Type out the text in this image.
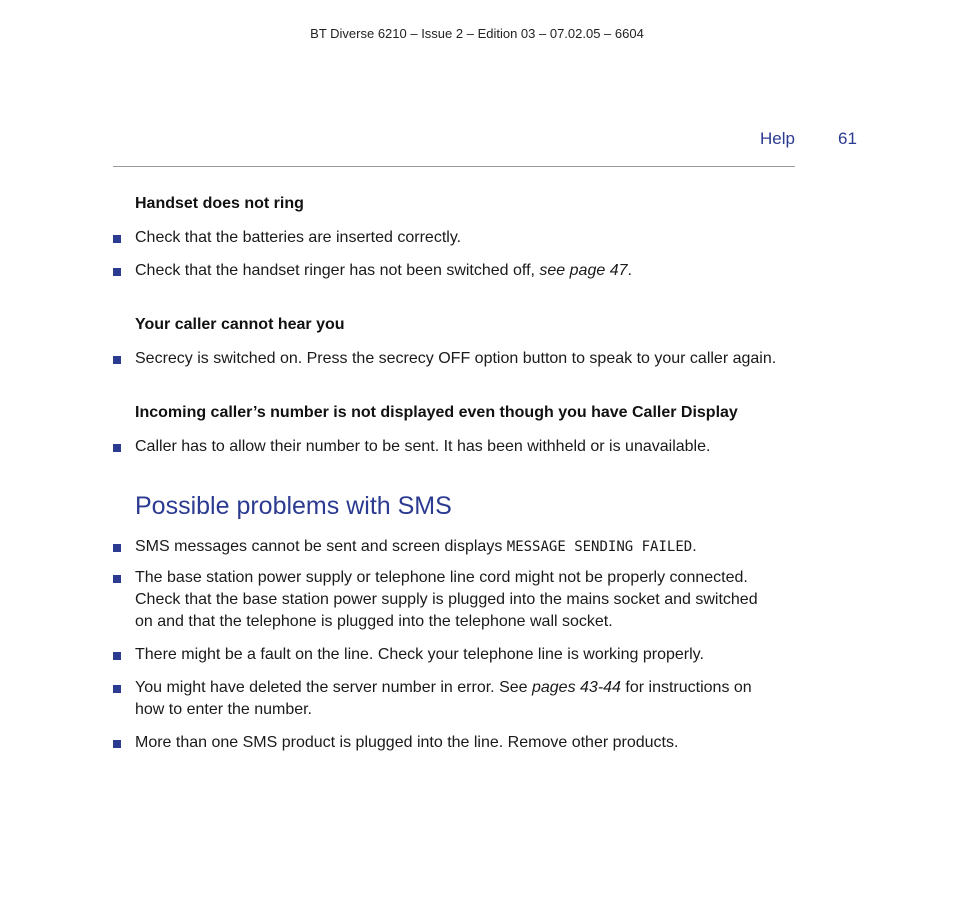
BT Diverse 6210 – Issue 2 – Edition 03 – 07.02.05 – 6604
Help	61
Handset does not ring
Check that the batteries are inserted correctly.
Check that the handset ringer has not been switched off, see page 47.
Your caller cannot hear you
Secrecy is switched on. Press the secrecy OFF option button to speak to your caller again.
Incoming caller’s number is not displayed even though you have Caller Display
Caller has to allow their number to be sent. It has been withheld or is unavailable.
Possible problems with SMS
SMS messages cannot be sent and screen displays MESSAGE SENDING FAILED.
The base station power supply or telephone line cord might not be properly connected.
Check that the base station power supply is plugged into the mains socket and switched
on and that the telephone is plugged into the telephone wall socket.
There might be a fault on the line. Check your telephone line is working properly.
You might have deleted the server number in error. See pages 43-44 for instructions on
how to enter the number.
More than one SMS product is plugged into the line. Remove other products.
